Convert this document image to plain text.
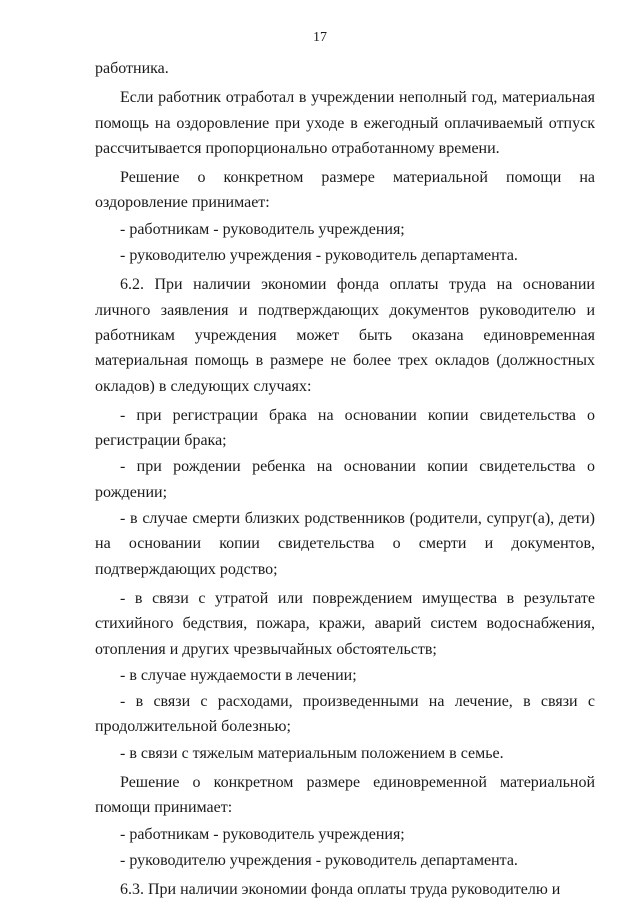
17

работника.

Если работник отработал в учреждении неполный год, материальная помощь на оздоровление при уходе в ежегодный оплачиваемый отпуск рассчитывается пропорционально отработанному времени.

Решение о конкретном размере материальной помощи на оздоровление принимает:

- работникам - руководитель учреждения;

- руководителю учреждения - руководитель департамента.

6.2. При наличии экономии фонда оплаты труда на основании личного заявления и подтверждающих документов руководителю и работникам учреждения может быть оказана единовременная материальная помощь в размере не более трех окладов (должностных окладов) в следующих случаях:

- при регистрации брака на основании копии свидетельства о регистрации брака;

- при рождении ребенка на основании копии свидетельства о рождении;

- в случае смерти близких родственников (родители, супруг(а), дети) на основании копии свидетельства о смерти и документов, подтверждающих родство;

- в связи с утратой или повреждением имущества в результате стихийного бедствия, пожара, кражи, аварий систем водоснабжения, отопления и других чрезвычайных обстоятельств;

- в случае нуждаемости в лечении;

- в связи с расходами, произведенными на лечение, в связи с продолжительной болезнью;

- в связи с тяжелым материальным положением в семье.

Решение о конкретном размере единовременной материальной помощи принимает:

- работникам - руководитель учреждения;

- руководителю учреждения - руководитель департамента.

6.3. При наличии экономии фонда оплаты труда руководителю и
